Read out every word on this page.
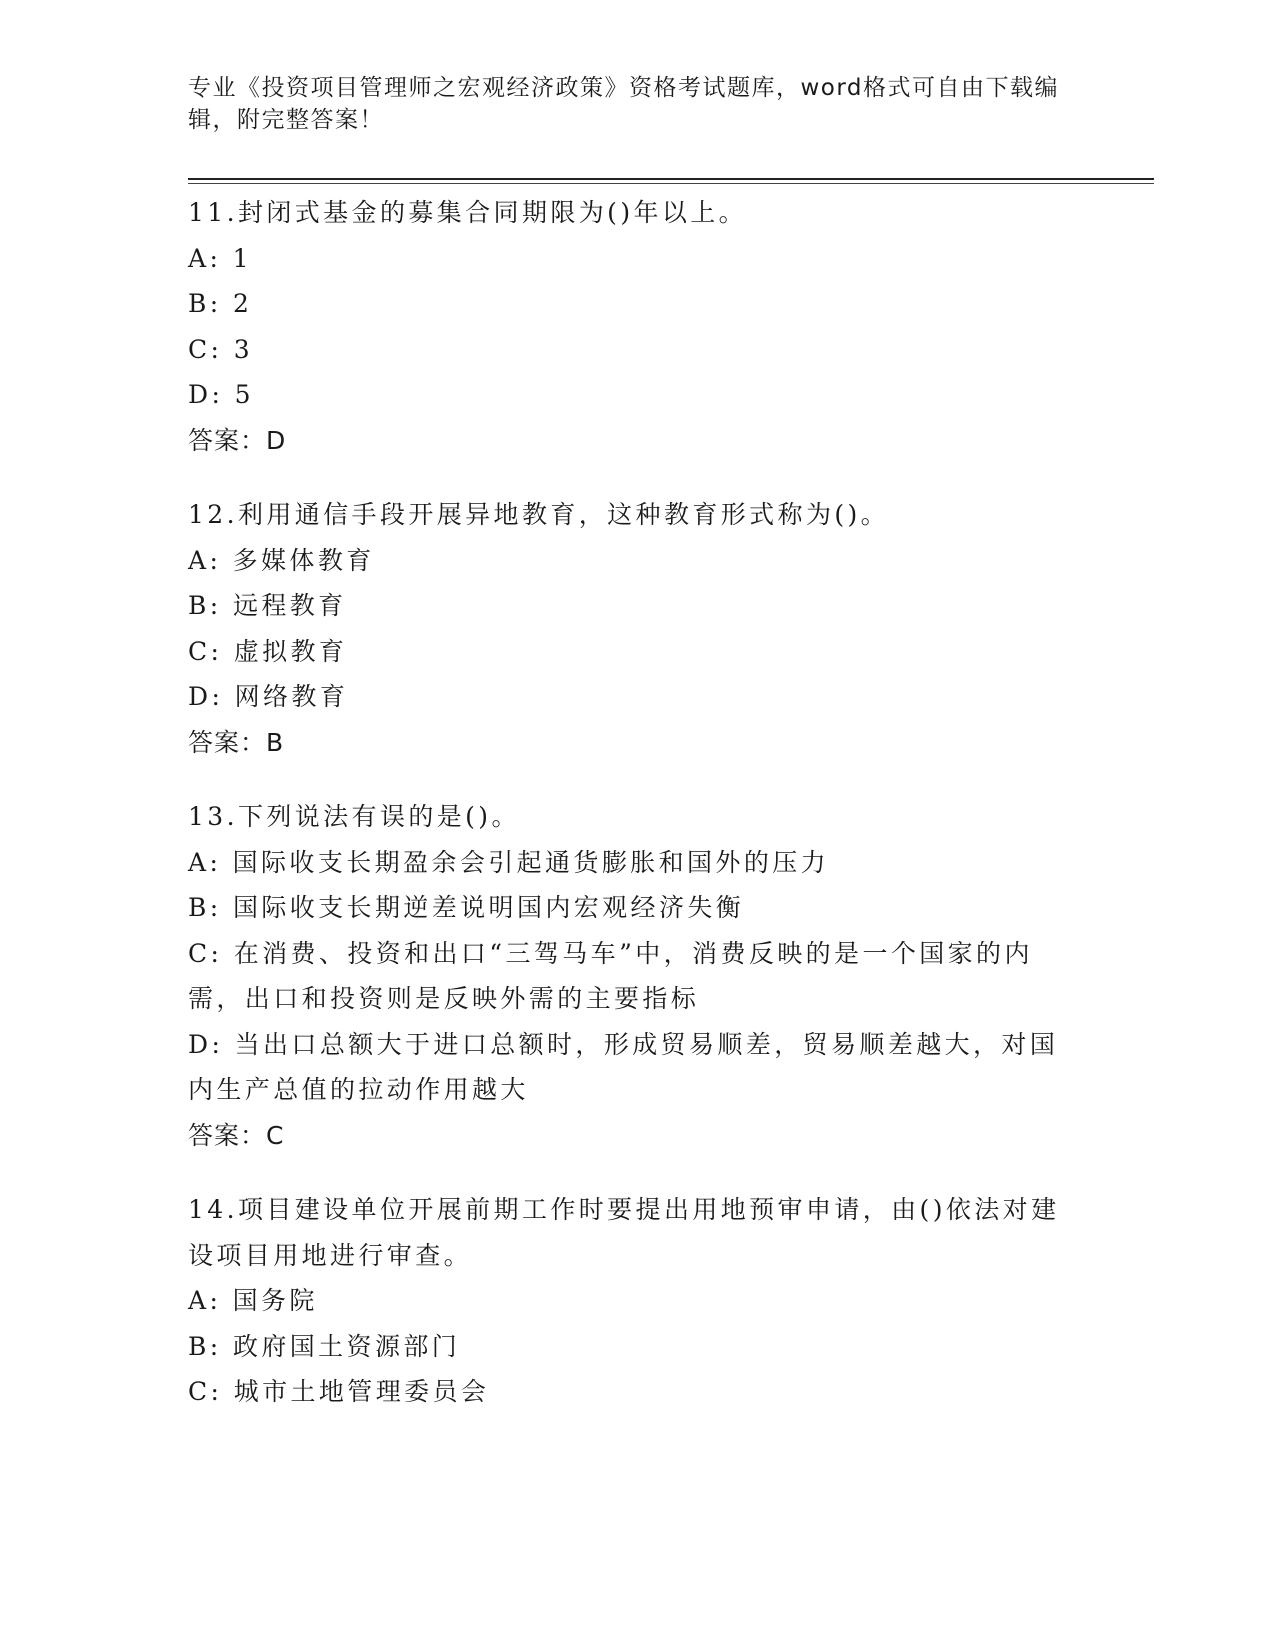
专业《投资项目管理师之宏观经济政策》资格考试题库，word格式可自由下载编辑，附完整答案！

11.封闭式基金的募集合同期限为()年以上。

A: 1

B: 2

C: 3

D: 5

答案：D

12.利用通信手段开展异地教育，这种教育形式称为()。

A: 多媒体教育

B: 远程教育

C: 虚拟教育

D: 网络教育

答案：B

13.下列说法有误的是()。

A: 国际收支长期盈余会引起通货膨胀和国外的压力

B: 国际收支长期逆差说明国内宏观经济失衡

C: 在消费、投资和出口“三驾马车”中，消费反映的是一个国家的内需，出口和投资则是反映外需的主要指标

D: 当出口总额大于进口总额时，形成贸易顺差，贸易顺差越大，对国内生产总值的拉动作用越大

答案：C

14.项目建设单位开展前期工作时要提出用地预审申请，由()依法对建设项目用地进行审查。

A: 国务院

B: 政府国土资源部门

C: 城市土地管理委员会
